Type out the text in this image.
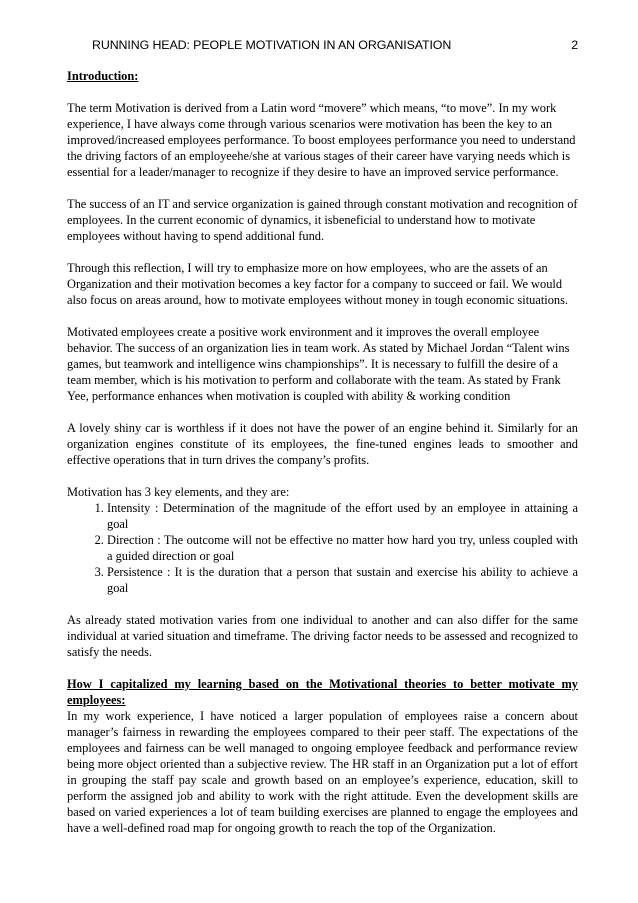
RUNNING HEAD: PEOPLE MOTIVATION IN AN ORGANISATION	2
Introduction:

The term Motivation is derived from a Latin word “movere” which means, “to move”. In my work experience, I have always come through various scenarios were motivation has been the key to an improved/increased employees performance. To boost employees performance you need to understand the driving factors of an employeehe/she at various stages of their career have varying needs which is essential for a leader/manager to recognize if they desire to have an improved service performance.

The success of an IT and service organization is gained through constant motivation and recognition of employees. In the current economic of dynamics, it isbeneficial to understand how to motivate employees without having to spend additional fund.

Through this reflection, I will try to emphasize more on how employees, who are the assets of an Organization and their motivation becomes a key factor for a company to succeed or fail. We would also focus on areas around, how to motivate employees without money in tough economic situations.

Motivated employees create a positive work environment and it improves the overall employee behavior. The success of an organization lies in team work. As stated by Michael Jordan “Talent wins games, but teamwork and intelligence wins championships”. It is necessary to fulfill the desire of a team member, which is his motivation to perform and collaborate with the team. As stated by Frank Yee, performance enhances when motivation is coupled with ability & working condition

A lovely shiny car is worthless if it does not have the power of an engine behind it. Similarly for an organization engines constitute of its employees, the fine-tuned engines leads to smoother and effective operations that in turn drives the company’s profits.

Motivation has 3 key elements, and they are:
1. Intensity : Determination of the magnitude of the effort used by an employee in attaining a goal
2. Direction : The outcome will not be effective no matter how hard you try, unless coupled with a guided direction or goal
3. Persistence : It is the duration that a person that sustain and exercise his ability to achieve a goal

As already stated motivation varies from one individual to another and can also differ for the same individual at varied situation and timeframe. The driving factor needs to be assessed and recognized to satisfy the needs.

How I capitalized my learning based on the Motivational theories to better motivate my employees:

In my work experience, I have noticed a larger population of employees raise a concern about manager’s fairness in rewarding the employees compared to their peer staff. The expectations of the employees and fairness can be well managed to ongoing employee feedback and performance review being more object oriented than a subjective review. The HR staff in an Organization put a lot of effort in grouping the staff pay scale and growth based on an employee’s experience, education, skill to perform the assigned job and ability to work with the right attitude. Even the development skills are based on varied experiences a lot of team building exercises are planned to engage the employees and have a well-defined road map for ongoing growth to reach the top of the Organization.
